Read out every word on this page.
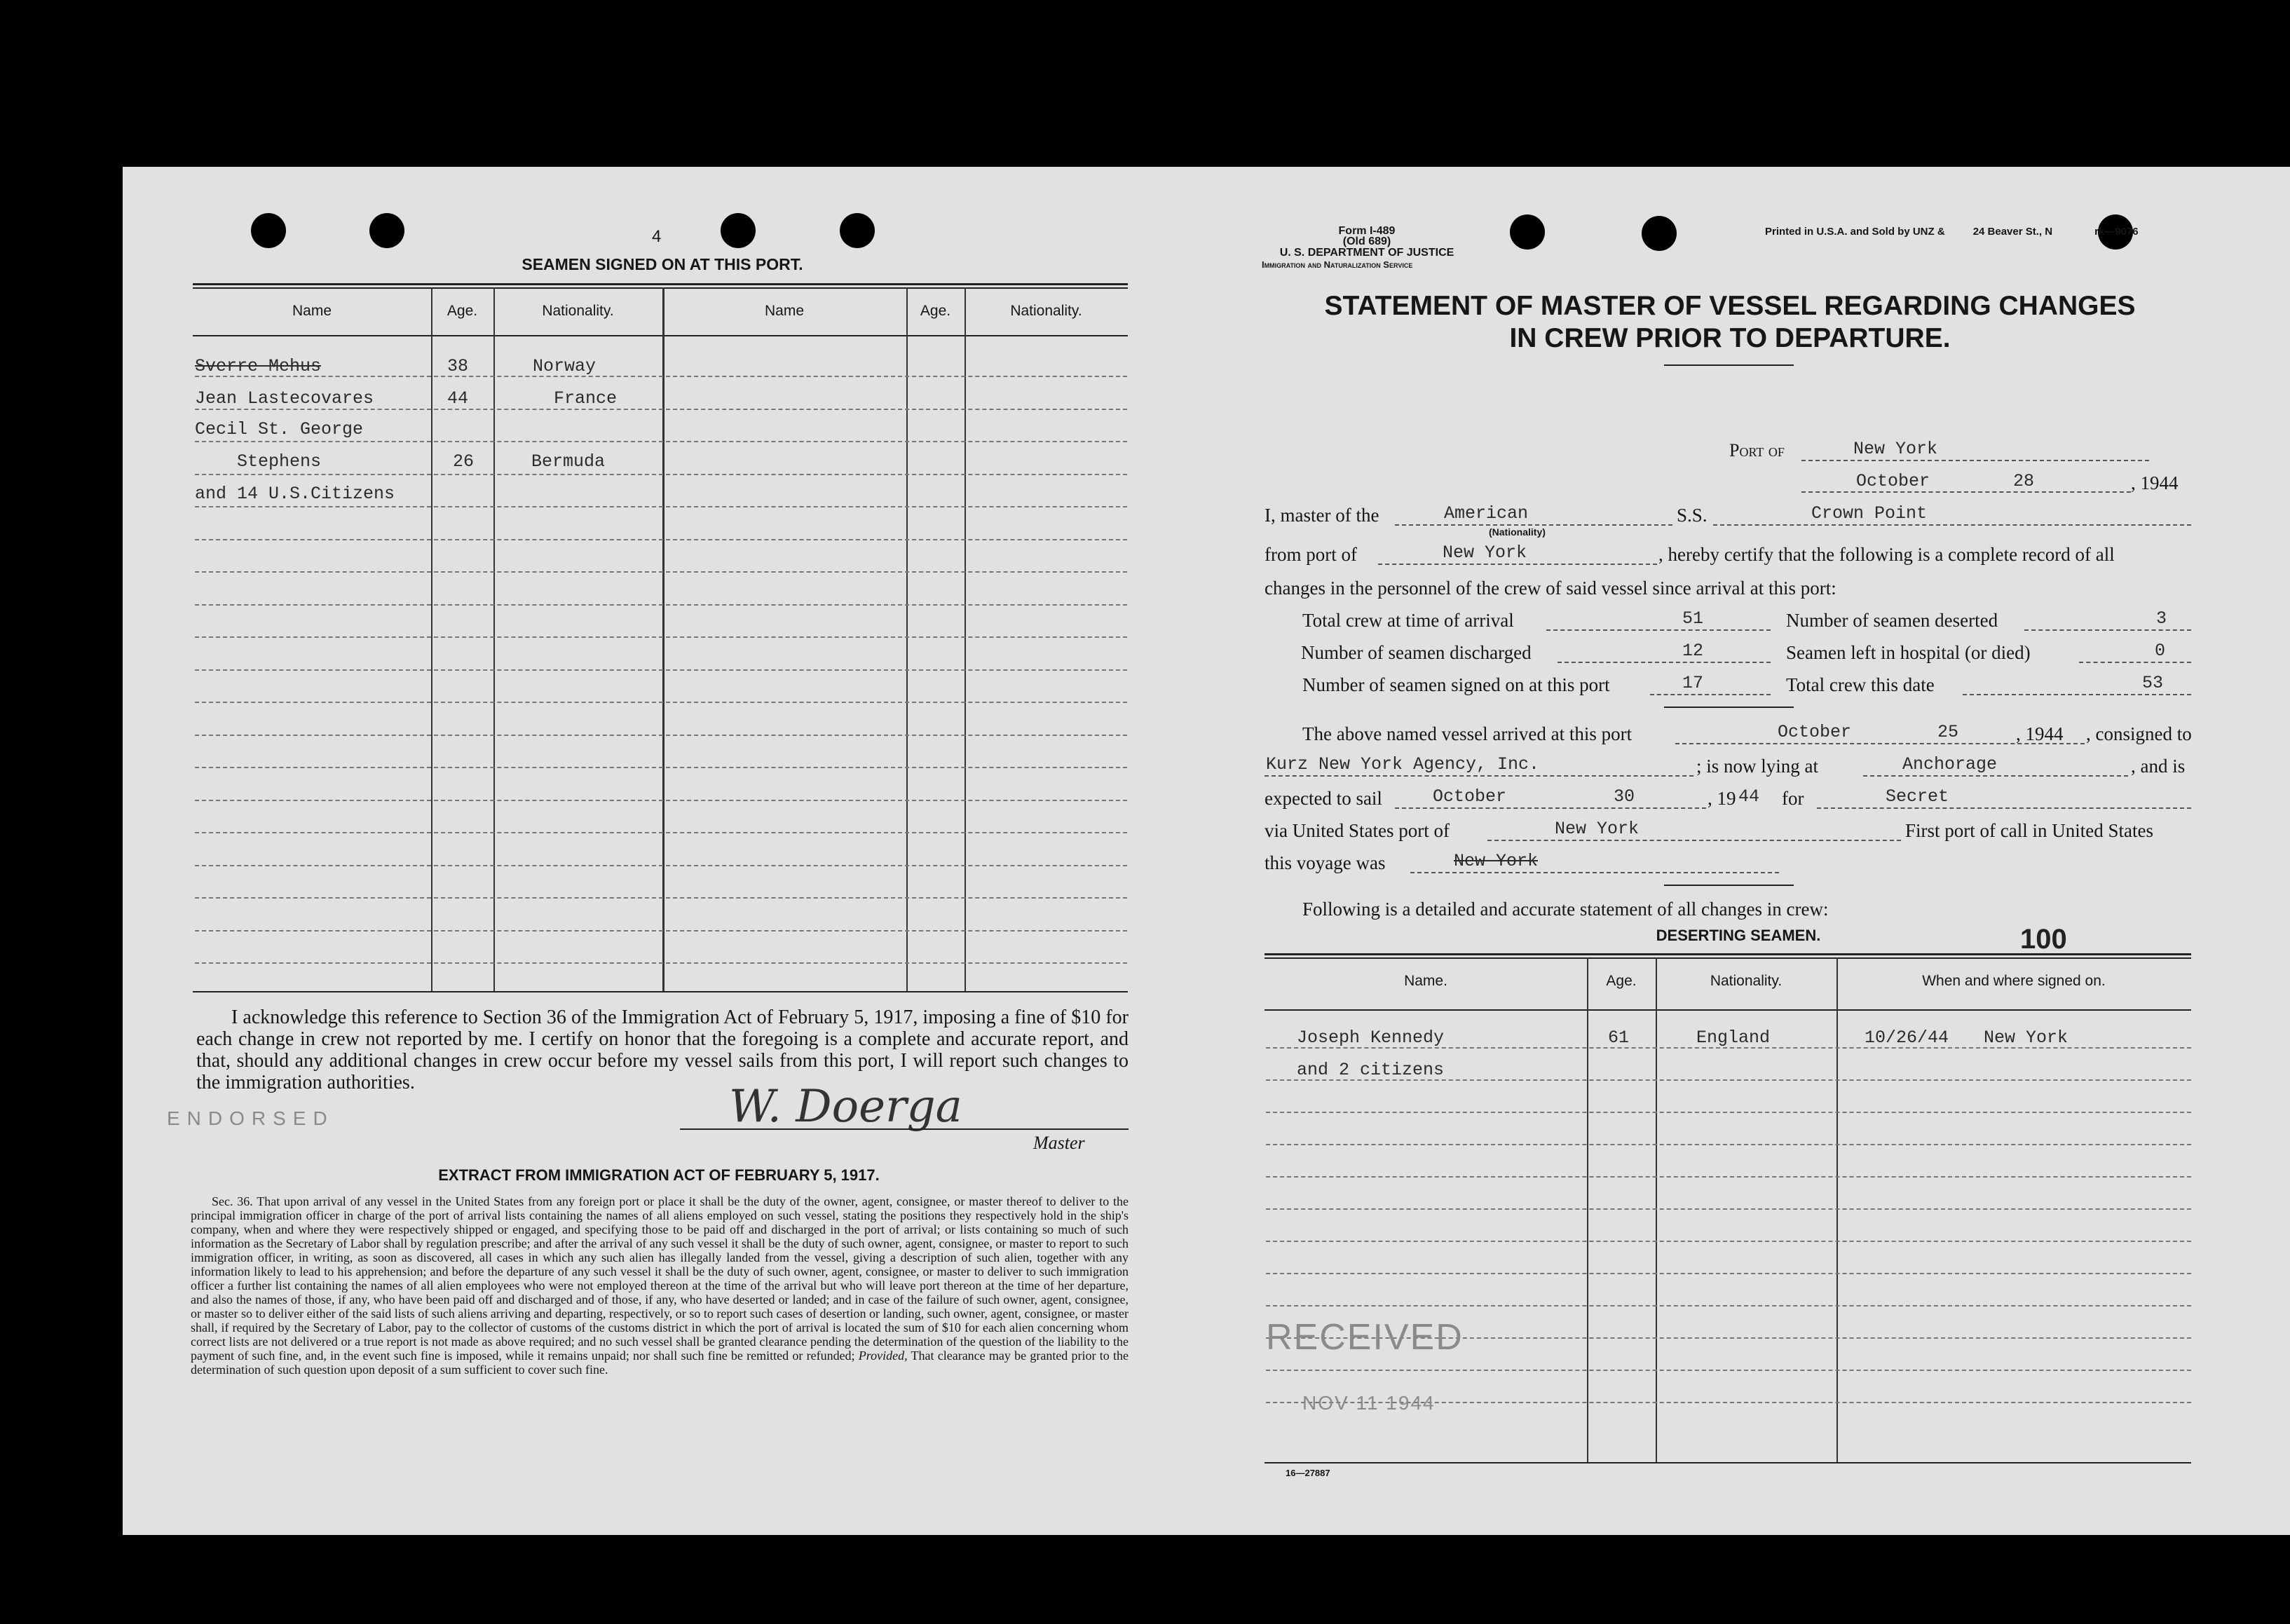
4
SEAMEN SIGNED ON AT THIS PORT.
Name	Age.	Nationality.	Name	Age.	Nationality.
Sverre Mehus	38	Norway
Jean Lastecovares	44	France
Cecil St. George
Stephens	26	Bermuda
and 14 U.S.Citizens
I acknowledge this reference to Section 36 of the Immigration Act of February 5, 1917, imposing a fine of $10 for each change in crew not reported by me. I certify on honor that the foregoing is a complete and accurate report, and that, should any additional changes in crew occur before my vessel sails from this port, I will report such changes to the immigration authorities.	W. Doerga
Master
ENDORSED
EXTRACT FROM IMMIGRATION ACT OF FEBRUARY 5, 1917.
Sec. 36. That upon arrival of any vessel in the United States from any foreign port or place it shall be the duty of the owner, agent, consignee, or master thereof to deliver to the principal immigration officer in charge of the port of arrival lists containing the names of all aliens employed on such vessel, stating the positions they respectively hold in the ship's company, when and where they were respectively shipped or engaged, and specifying those to be paid off and discharged in the port of arrival; or lists containing so much of such information as the Secretary of Labor shall by regulation prescribe; and after the arrival of any such vessel it shall be the duty of such owner, agent, consignee, or master to report to such immigration officer, in writing, as soon as discovered, all cases in which any such alien has illegally landed from the vessel, giving a description of such alien, together with any information likely to lead to his apprehension; and before the departure of any such vessel it shall be the duty of such owner, agent, consignee, or master to deliver to such immigration officer a further list containing the names of all alien employees who were not employed thereon at the time of the arrival but who will leave port thereon at the time of her departure, and also the names of those, if any, who have been paid off and discharged and of those, if any, who have deserted or landed; and in case of the failure of such owner, agent, consignee, or master so to deliver either of the said lists of such aliens arriving and departing, respectively, or so to report such cases of desertion or landing, such owner, agent, consignee, or master shall, if required by the Secretary of Labor, pay to the collector of customs of the customs district in which the port of arrival is located the sum of $10 for each alien concerning whom correct lists are not delivered or a true report is not made as above required; and no such vessel shall be granted clearance pending the determination of the question of the liability to the payment of such fine, and, in the event such fine is imposed, while it remains unpaid; nor shall such fine be remitted or refunded; Provided, That clearance may be granted prior to the determination of such question upon deposit of a sum sufficient to cover such fine.
Form I-489
(Old 689)
U. S. DEPARTMENT OF JUSTICE
Immigration and Naturalization Service
Printed in U.S.A. and Sold by UNZ &	24 Beaver St., N	rk—9076
STATEMENT OF MASTER OF VESSEL REGARDING CHANGES
IN CREW PRIOR TO DEPARTURE.
Port of	New York
October	28	, 1944
I, master of the	American
(Nationality)
S.S.	Crown Point
from port of	New York	, hereby certify that the following is a complete record of all
changes in the personnel of the crew of said vessel since arrival at this port:
Total crew at time of arrival	51	Number of seamen deserted	3
Number of seamen discharged	12	Seamen left in hospital (or died)	0
Number of seamen signed on at this port	17	Total crew this date	53
The above named vessel arrived at this port	October	25	, 1944 , consigned to
Kurz New York Agency, Inc.	; is now lying at	Anchorage	, and is
expected to sail	October	30	, 19 44 for	Secret
via United States port of	New York	First port of call in United States
this voyage was	New York
Following is a detailed and accurate statement of all changes in crew:
DESERTING SEAMEN.	100
Name.	Age.	Nationality.	When and where signed on.
Joseph Kennedy	61	England	10/26/44 New York
and 2 citizens
RECEIVED
NOV 11 1944
16—27887
